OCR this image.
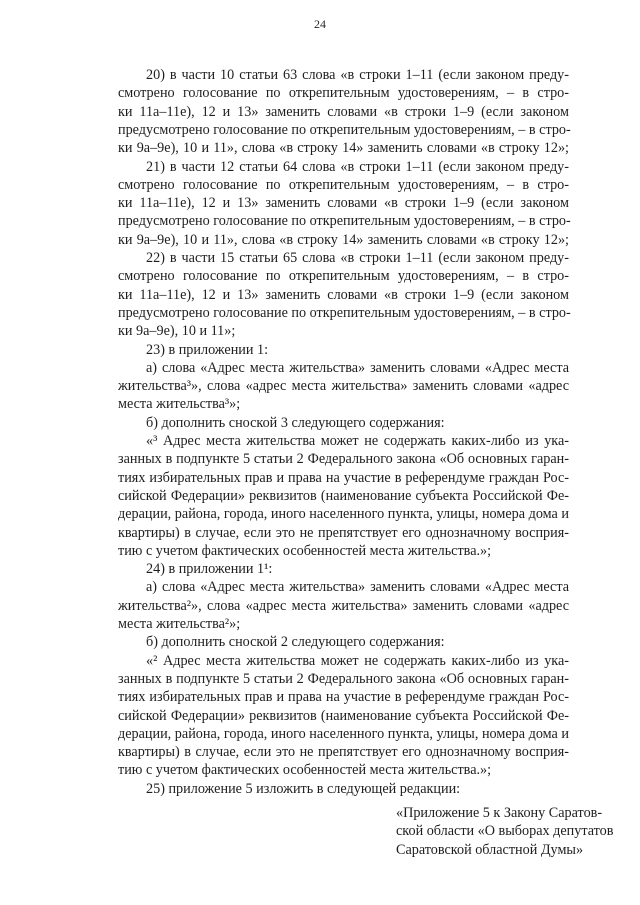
24
20) в части 10 статьи 63 слова «в строки 1–11 (если законом преду-
смотрено голосование по открепительным удостоверениям, – в стро-
ки 11а–11е), 12 и 13» заменить словами «в строки 1–9 (если законом
предусмотрено голосование по открепительным удостоверениям, – в стро-
ки 9а–9е), 10 и 11», слова «в строку 14» заменить словами «в строку 12»;
21) в части 12 статьи 64 слова «в строки 1–11 (если законом преду-
смотрено голосование по открепительным удостоверениям, – в стро-
ки 11а–11е), 12 и 13» заменить словами «в строки 1–9 (если законом
предусмотрено голосование по открепительным удостоверениям, – в стро-
ки 9а–9е), 10 и 11», слова «в строку 14» заменить словами «в строку 12»;
22) в части 15 статьи 65 слова «в строки 1–11 (если законом преду-
смотрено голосование по открепительным удостоверениям, – в стро-
ки 11а–11е), 12 и 13» заменить словами «в строки 1–9 (если законом
предусмотрено голосование по открепительным удостоверениям, – в стро-
ки 9а–9е), 10 и 11»;
23) в приложении 1:
а) слова «Адрес места жительства» заменить словами «Адрес места
жительства³», слова «адрес места жительства» заменить словами «адрес
места жительства³»;
б) дополнить сноской 3 следующего содержания:
«³ Адрес места жительства может не содержать каких-либо из ука-
занных в подпункте 5 статьи 2 Федерального закона «Об основных гаран-
тиях избирательных прав и права на участие в референдуме граждан Рос-
сийской Федерации» реквизитов (наименование субъекта Российской Фе-
дерации, района, города, иного населенного пункта, улицы, номера дома и
квартиры) в случае, если это не препятствует его однозначному восприя-
тию с учетом фактических особенностей места жительства.»;
24) в приложении 1¹:
а) слова «Адрес места жительства» заменить словами «Адрес места
жительства²», слова «адрес места жительства» заменить словами «адрес
места жительства²»;
б) дополнить сноской 2 следующего содержания:
«² Адрес места жительства может не содержать каких-либо из ука-
занных в подпункте 5 статьи 2 Федерального закона «Об основных гаран-
тиях избирательных прав и права на участие в референдуме граждан Рос-
сийской Федерации» реквизитов (наименование субъекта Российской Фе-
дерации, района, города, иного населенного пункта, улицы, номера дома и
квартиры) в случае, если это не препятствует его однозначному восприя-
тию с учетом фактических особенностей места жительства.»;
25) приложение 5 изложить в следующей редакции:
«Приложение 5 к Закону Саратов-
ской области «О выборах депутатов
Саратовской областной Думы»
